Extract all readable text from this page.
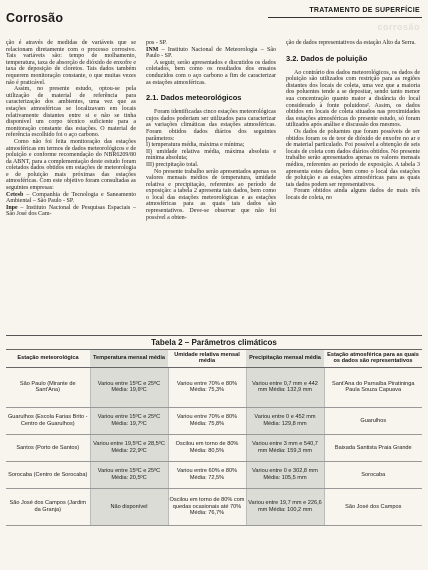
Corrosão
TRATAMENTO DE SUPERFÍCIE
corrosão

ção é através de medidas de variáveis que se relacionam diretamente com o processo corrosivo. Tais variáveis são: tempo de molhamento, temperatura, taxa de absorção de dióxido de enxofre e taxa de deposição de cloretos. Tais dados também requerem monitoração constante, o que muitas vezes não é praticável.

Assim, no presente estudo, optou-se pela utilização de material de referência para caracterização dos ambientes, uma vez que as estações atmosféricas se localizavam em locais relativamente distantes entre si e não se tinha disponível um corpo técnico suficiente para a monitoração constante das estações. O material de referência escolhido foi o aço carbono.

Como não foi feita monitoração das estações atmosféricas em termos de dados meteorológicos e de poluição e conforme recomendação do NBR6209/80 da ABNT, para a complementação deste estudo foram coletados dados obtidos em estações de meteorologia e de poluição mais próximas das estações atmosféricas. Com este objetivo foram consultadas as seguintes empresas:

Cetesb – Companhia de Tecnologia e Saneamento Ambiental – São Paulo - SP.

Inpe – Instituto Nacional de Pesquisas Espaciais – São José dos Cam-

pos - SP.

INM – Instituto Nacional de Meteorologia – São Paulo - SP.

A seguir, serão apresentados e discutidos os dados coletados, bem como os resultados dos ensaios conduzidos com o aço carbono a fim de caracterizar as estações atmosféricas.

2.1. Dados meteorológicos

Foram identificadas cinco estações meteorológicas cujos dados poderiam ser utilizados para caracterizar as variações climáticas das estações atmosféricas. Foram obtidos dados diários dos seguintes parâmetros:

I) temperatura média, máxima e mínima;

II) umidade relativa média, máxima absoluta e mínima absoluta;

III) precipitação total.

No presente trabalho serão apresentados apenas os valores mensais médios de temperatura, umidade relativa e precipitação, referentes ao período de exposição: a tabela 2 apresenta tais dados, bem como o local das estações meteorológicas e as estações atmosféricas para as quais tais dados são representativos. Deve-se observar que não foi possível a obten-

ção de dados representativos da estação Alto da Serra.

3.2. Dados de poluição

Ao contrário dos dados meteorológicos, os dados de poluição são utilizados com restrição para as regiões distantes dos locais de coleta, uma vez que a maioria dos poluentes tende a se depositar, sendo tanto menor sua concentração quanto maior a distância do local considerado à fonte poluidora². Assim, os dados obtidos em locais de coleta situados nas proximidades das estações atmosféricas do presente estudo, só foram utilizados após análise e discussão dos mesmos.

Os dados de poluentes que foram possíveis de ser obtidos foram os de teor de dióxido de enxofre no ar e de material particulado. Foi possível a obtenção de seis locais de coleta com dados diários obtidos. No presente trabalho serão apresentados apenas os valores mensais médios, referentes ao período de exposição. A tabela 3 apresenta estes dados, bem como o local das estações de poluição e as estações atmosféricas para as quais tais dados podem ser representativos.

Foram obtidos ainda alguns dados de mais três locais de coleta, no

Tabela 2 – Parâmetros climáticos
Estação meteorológica	Temperatura mensal média	Umidade relativa mensal média	Precipitação mensal média	Estação atmosférica para as quais os dados são representativos
São Paulo (Mirante de Sant'Ana)	Variou entre 15ºC e 25ºC Média: 19,6ºC	Variou entre 70% e 80% Média: 75,3%	Variou entre 0,7 mm e 442 mm Média: 132,9 mm	Sant'Ana do Parnaíba Piratininga Paula Souza Capuava
Guarulhos (Escola Farias Brito - Centro de Guarulhos)	Variou entre 15ºC e 25ºC Média: 19,7ºC	Variou entre 70% e 80% Média: 75,8%	Variou entre 0 e 452 mm Média: 129,8 mm	Guarulhos
Santos (Porto de Santos)	Variou entre 19,5ºC e 28,5ºC Média: 22,9ºC	Oscilou em torno de 80% Média: 80,5%	Variou entre 3 mm e 540,7 mm Média: 159,3 mm	Baixada Santista Praia Grande
Sorocaba (Centro de Sorocaba)	Variou entre 15ºC e 25ºC Média: 20,5ºC	Variou entre 60% e 80% Média: 72,5%	Variou entre 0 e 302,8 mm Média: 105,5 mm	Sorocaba
São José dos Campos (Jardim da Granja)	Não disponível	Oscilou em torno de 80% com quedas ocasionais até 70% Média: 76,7%	Variou entre 19,7 mm e 226,6 mm Média: 100,2 mm	São José dos Campos
